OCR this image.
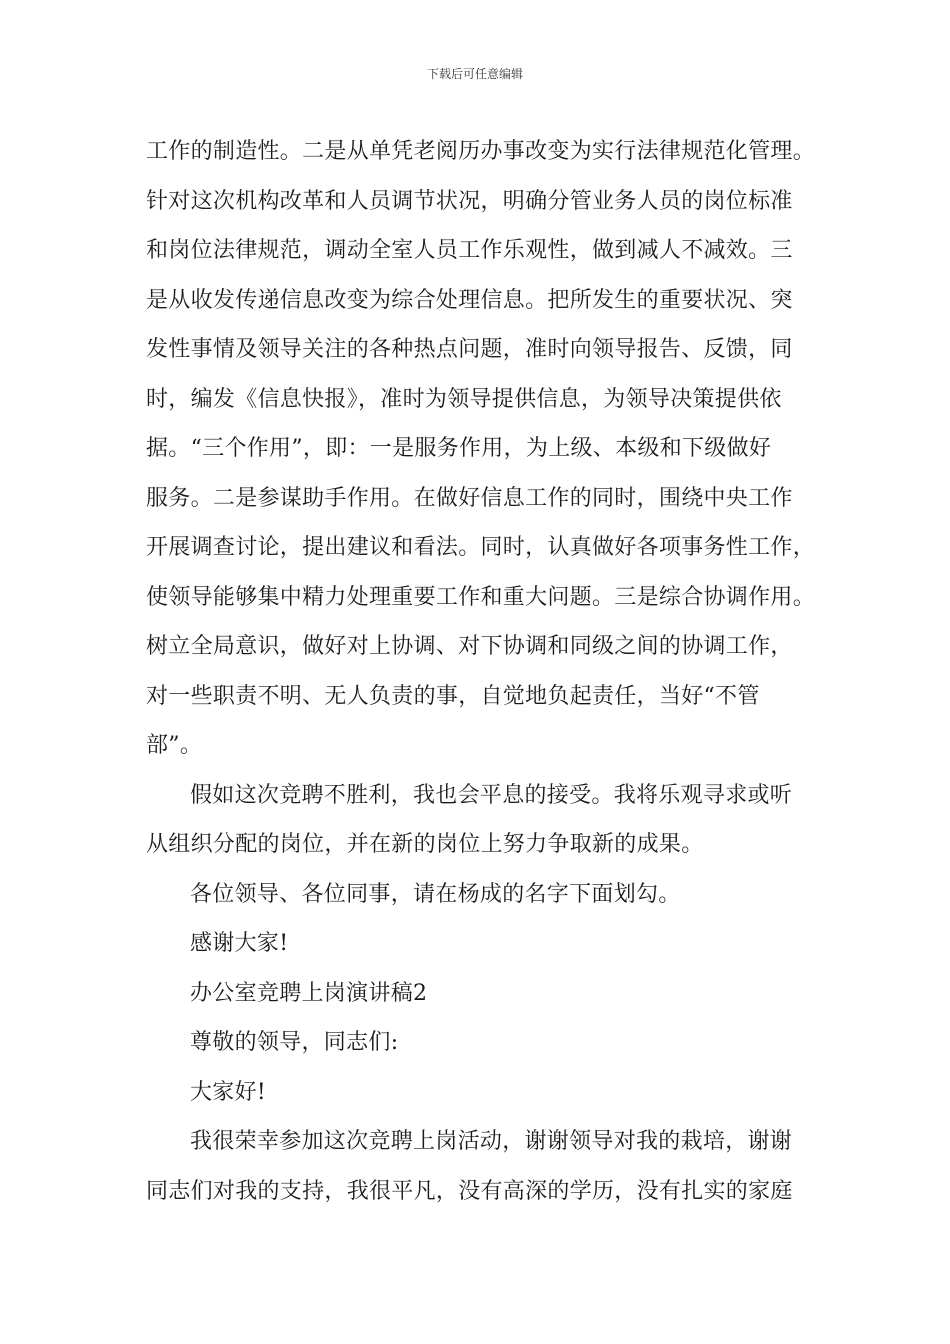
下载后可任意编辑
工作的制造性。二是从单凭老阅历办事改变为实行法律规范化管理。
针对这次机构改革和人员调节状况，明确分管业务人员的岗位标准
和岗位法律规范，调动全室人员工作乐观性，做到减人不减效。三
是从收发传递信息改变为综合处理信息。把所发生的重要状况、突
发性事情及领导关注的各种热点问题，准时向领导报告、反馈，同
时，编发《信息快报》，准时为领导提供信息，为领导决策提供依
据。“三个作用”，即：一是服务作用，为上级、本级和下级做好
服务。二是参谋助手作用。在做好信息工作的同时，围绕中央工作
开展调查讨论，提出建议和看法。同时，认真做好各项事务性工作，
使领导能够集中精力处理重要工作和重大问题。三是综合协调作用。
树立全局意识，做好对上协调、对下协调和同级之间的协调工作，
对一些职责不明、无人负责的事，自觉地负起责任，当好“不管
部”。
假如这次竞聘不胜利，我也会平息的接受。我将乐观寻求或听
从组织分配的岗位，并在新的岗位上努力争取新的成果。
各位领导、各位同事，请在杨成的名字下面划勾。
感谢大家!
办公室竞聘上岗演讲稿2
尊敬的领导，同志们:
大家好!
我很荣幸参加这次竞聘上岗活动，谢谢领导对我的栽培，谢谢
同志们对我的支持，我很平凡，没有高深的学历，没有扎实的家庭
